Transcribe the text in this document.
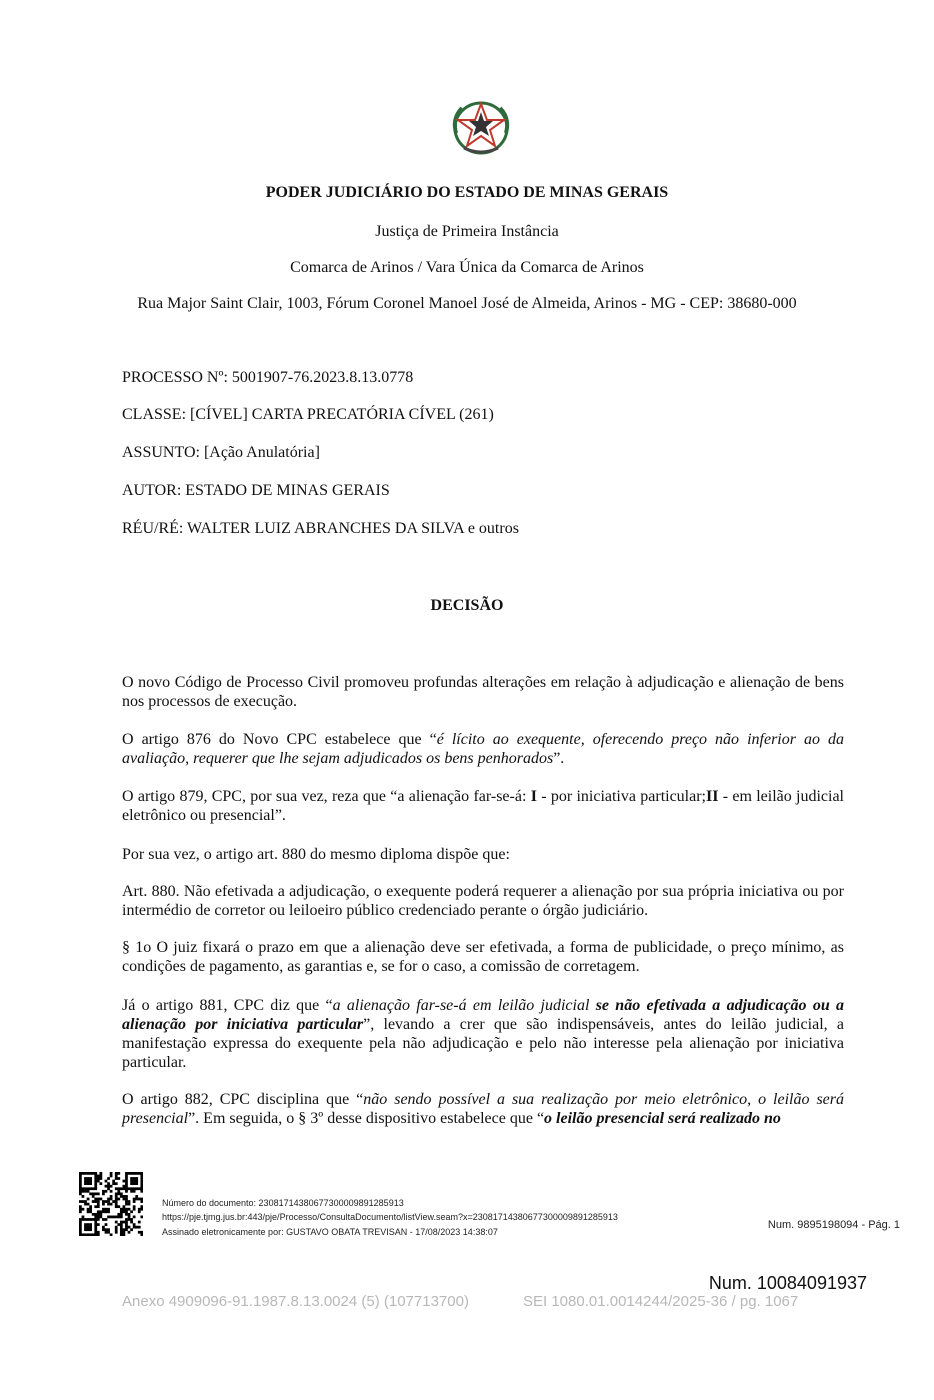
PODER JUDICIÁRIO DO ESTADO DE MINAS GERAIS
Justiça de Primeira Instância
Comarca de Arinos / Vara Única da Comarca de Arinos
Rua Major Saint Clair, 1003, Fórum Coronel Manoel José de Almeida, Arinos - MG - CEP: 38680-000
PROCESSO Nº: 5001907-76.2023.8.13.0778
CLASSE: [CÍVEL] CARTA PRECATÓRIA CÍVEL (261)
ASSUNTO: [Ação Anulatória]
AUTOR: ESTADO DE MINAS GERAIS
RÉU/RÉ: WALTER LUIZ ABRANCHES DA SILVA e outros
DECISÃO
O novo Código de Processo Civil promoveu profundas alterações em relação à adjudicação e alienação de bens nos processos de execução.
O artigo 876 do Novo CPC estabelece que “é lícito ao exequente, oferecendo preço não inferior ao da avaliação, requerer que lhe sejam adjudicados os bens penhorados”.
O artigo 879, CPC, por sua vez, reza que “a alienação far-se-á: I - por iniciativa particular;II - em leilão judicial eletrônico ou presencial”.
Por sua vez, o artigo art. 880 do mesmo diploma dispõe que:
Art. 880. Não efetivada a adjudicação, o exequente poderá requerer a alienação por sua própria iniciativa ou por intermédio de corretor ou leiloeiro público credenciado perante o órgão judiciário.
§ 1o O juiz fixará o prazo em que a alienação deve ser efetivada, a forma de publicidade, o preço mínimo, as condições de pagamento, as garantias e, se for o caso, a comissão de corretagem.
Já o artigo 881, CPC diz que “a alienação far-se-á em leilão judicial se não efetivada a adjudicação ou a alienação por iniciativa particular”, levando a crer que são indispensáveis, antes do leilão judicial, a manifestação expressa do exequente pela não adjudicação e pelo não interesse pela alienação por iniciativa particular.
O artigo 882, CPC disciplina que “não sendo possível a sua realização por meio eletrônico, o leilão será presencial”. Em seguida, o § 3º desse dispositivo estabelece que “o leilão presencial será realizado no
Número do documento: 23081714380677300009891285913
https://pje.tjmg.jus.br:443/pje/Processo/ConsultaDocumento/listView.seam?x=23081714380677300009891285913
Assinado eletronicamente por: GUSTAVO OBATA TREVISAN - 17/08/2023 14:38:07
Num. 9895198094 - Pág. 1
Num. 10084091937
Anexo 4909096-91.1987.8.13.0024 (5) (107713700)	SEI 1080.01.0014244/2025-36 / pg. 1067
